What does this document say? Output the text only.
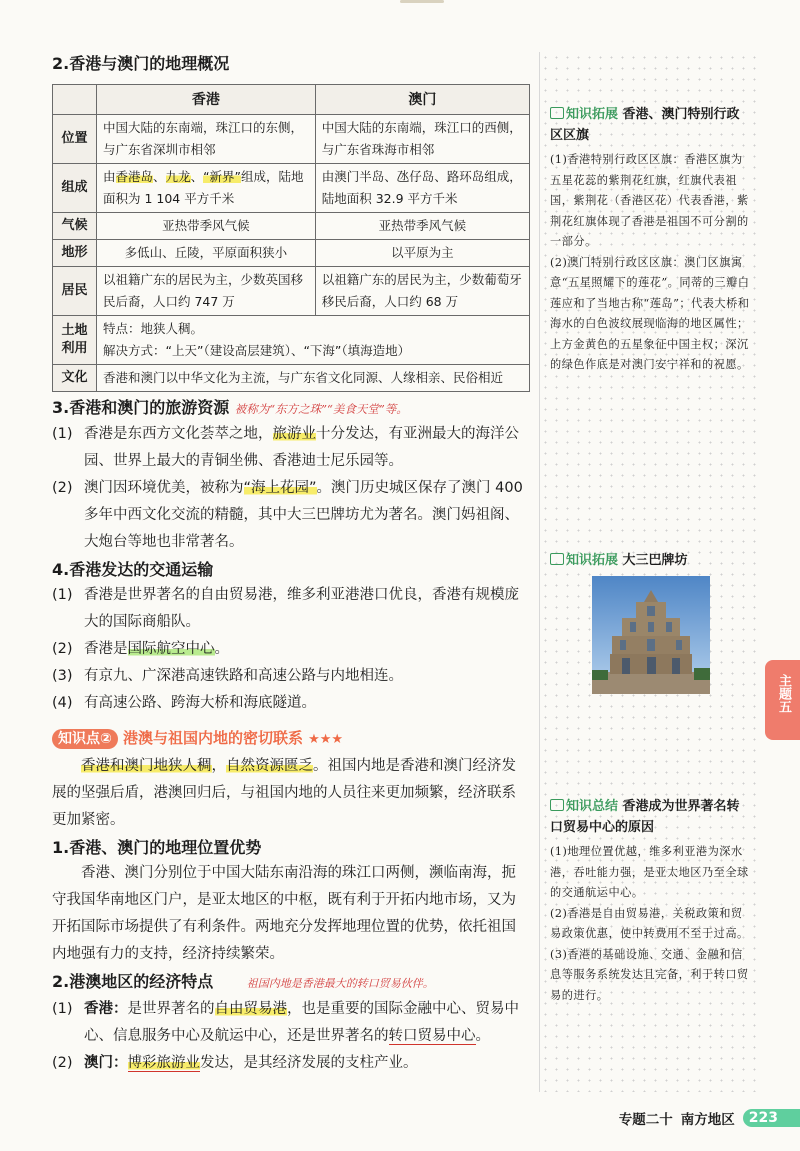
2.香港与澳门的地理概况
	香港	澳门
位置	中国大陆的东南端，珠江口的东侧，与广东省深圳市相邻	中国大陆的东南端，珠江口的西侧，与广东省珠海市相邻
组成	由香港岛、九龙、“新界”组成，陆地面积为 1 104 平方千米	由澳门半岛、氹仔岛、路环岛组成，陆地面积 32.9 平方千米
气候	亚热带季风气候	亚热带季风气候
地形	多低山、丘陵，平原面积狭小	以平原为主
居民	以祖籍广东的居民为主，少数英国移民后裔，人口约 747 万	以祖籍广东的居民为主，少数葡萄牙移民后裔，人口约 68 万
土地利用	特点：地狭人稠。
解决方式：“上天”（建设高层建筑）、“下海”（填海造地）	

文化	香港和澳门以中华文化为主流，与广东省文化同源、人缘相亲、民俗相近	
3.香港和澳门的旅游资源 被称为“东方之珠”“美食天堂”等。
(1) 香港是东西方文化荟萃之地，旅游业十分发达，有亚洲最大的海洋公园、世界上最大的青铜坐佛、香港迪士尼乐园等。
(2) 澳门因环境优美，被称为“海上花园”。澳门历史城区保存了澳门 400 多年中西文化交流的精髓，其中大三巴牌坊尤为著名。澳门妈祖阁、大炮台等地也非常著名。
4.香港发达的交通运输
(1) 香港是世界著名的自由贸易港，维多利亚港港口优良，香港有规模庞大的国际商船队。
(2) 香港是国际航空中心。
(3) 有京九、广深港高速铁路和高速公路与内地相连。
(4) 有高速公路、跨海大桥和海底隧道。
知识点② 港澳与祖国内地的密切联系 ★★★
香港和澳门地狭人稠，自然资源匮乏。祖国内地是香港和澳门经济发展的坚强后盾，港澳回归后，与祖国内地的人员往来更加频繁，经济联系更加紧密。
1.香港、澳门的地理位置优势
香港、澳门分别位于中国大陆东南沿海的珠江口两侧，濒临南海，扼守我国华南地区门户，是亚太地区的中枢，既有利于开拓内地市场，又为开拓国际市场提供了有利条件。两地充分发挥地理位置的优势，依托祖国内地强有力的支持，经济持续繁荣。
2.港澳地区的经济特点	祖国内地是香港最大的转口贸易伙伴。
(1) 香港：是世界著名的自由贸易港，也是重要的国际金融中心、贸易中心、信息服务中心及航运中心，还是世界著名的转口贸易中心。
(2) 澳门：博彩旅游业发达，是其经济发展的支柱产业。
知识拓展 香港、澳门特别行政区区旗
(1)香港特别行政区区旗：香港区旗为五星花蕊的紫荆花红旗，红旗代表祖国，紫荆花（香港区花）代表香港，紫荆花红旗体现了香港是祖国不可分割的一部分。
(2)澳门特别行政区区旗：澳门区旗寓意“五星照耀下的莲花”。同蒂的三瓣白莲应和了当地古称“莲岛”；代表大桥和海水的白色波纹展现临海的地区属性；上方金黄色的五星象征中国主权；深沉的绿色作底是对澳门安宁祥和的祝愿。
知识拓展 大三巴牌坊
知识总结 香港成为世界著名转口贸易中心的原因
(1)地理位置优越，维多利亚港为深水港，吞吐能力强，是亚太地区乃至全球的交通航运中心。
(2)香港是自由贸易港，关税政策和贸易政策优惠，使中转费用不至于过高。
(3)香港的基础设施、交通、金融和信息等服务系统发达且完备，利于转口贸易的进行。
主题五
专题二十 南方地区	223
